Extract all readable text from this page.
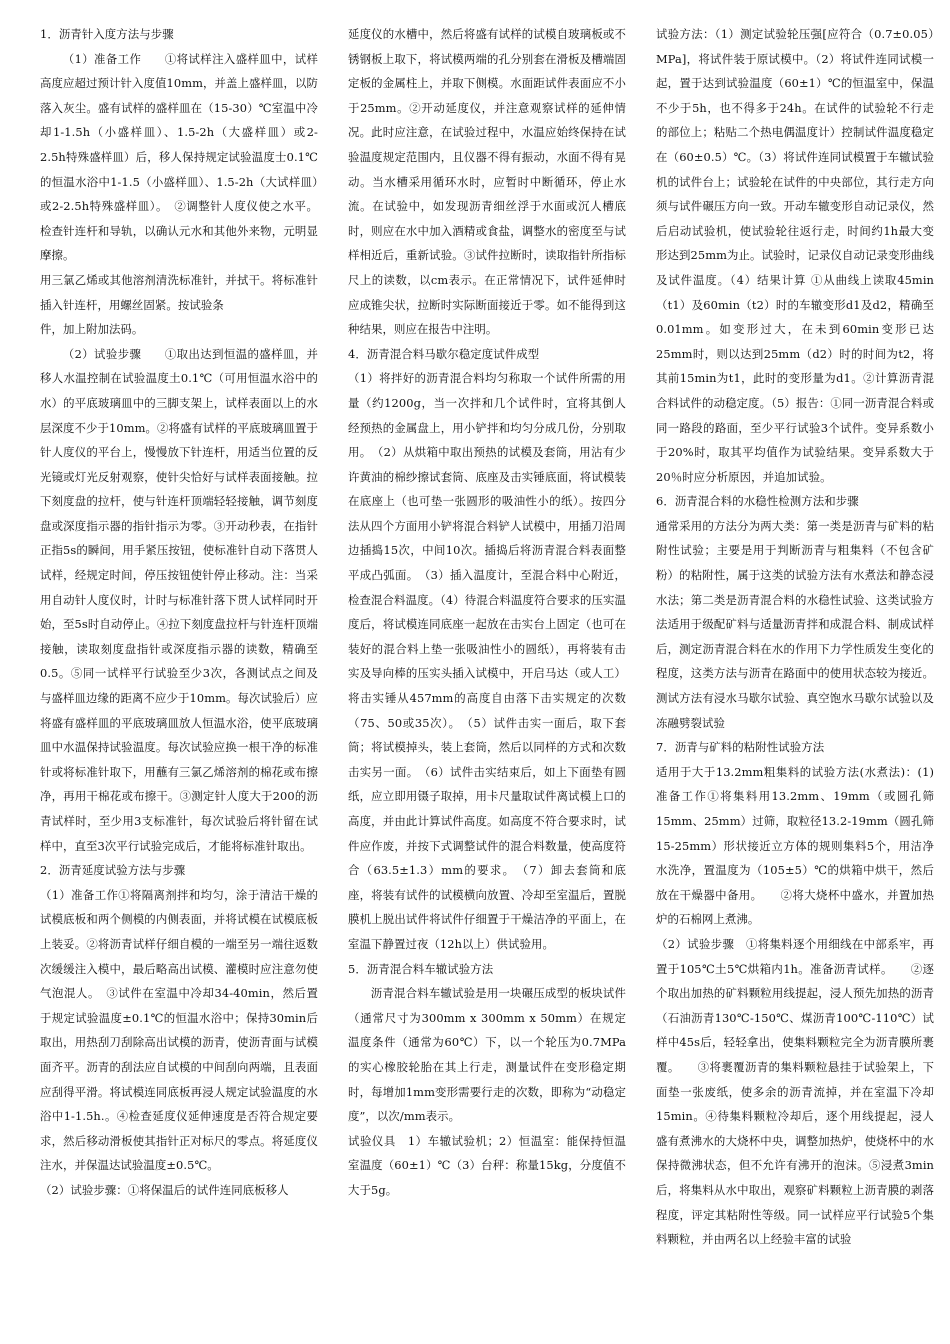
1．沥青针入度方法与步骤

（1）准备工作　　①将试样注入盛样皿中，试样高度应超过预计针入度值10mm，并盖上盛样皿，以防落入灰尘。盛有试样的盛样皿在（15-30）℃室温中冷却1-1.5h（小盛样皿）、1.5-2h（大盛样皿）或2-2.5h特殊盛样皿）后，移人保持规定试验温度士0.1℃的恒温水浴中1-1.5（小盛样皿）、1.5-2h（大试样皿）或2-2.5h特殊盛样皿）。　②调整针人度仪使之水平。检查针连杆和导轨，以确认元水和其他外来物，元明显摩擦。

用三氯乙烯或其他溶剂清洗标准针，并拭干。将标准针插入针连杆，用螺丝固紧。按试验条

件，加上附加法码。

（2）试验步骤　　①取出达到恒温的盛样皿，并移人水温控制在试验温度土0.1℃（可用恒温水浴中的水）的平底玻璃皿中的三脚支架上，试样表面以上的水层深度不少于10mm。②将盛有试样的平底玻璃皿置于针人度仪的平台上，慢慢放下针连杆，用适当位置的反光镜或灯光反射观察，使针尖恰好与试样表面接触。拉下刻度盘的拉杆，使与针连杆顶端轻轻接触，调节刻度盘或深度指示器的指针指示为零。③开动秒表，在指针正指5s的瞬间，用手紧压按钮，使标准针自动下落贯人试样，经规定时间，停压按钮使针停止移动。注：当采用自动针人度仪时，计时与标准针落下贯人试样同时开始，至5s时自动停止。④拉下刻度盘拉杆与针连杆顶端接触，读取刻度盘指针或深度指示器的读数，精确至0.5。⑤同一试样平行试验至少3次，各测试点之间及与盛样皿边缘的距离不应少于10mm。每次试验后）应将盛有盛样皿的平底玻璃皿放人恒温水浴，使平底玻璃皿中水温保持试验温度。每次试验应换一根干净的标准针或将标准针取下，用蘸有三氯乙烯溶剂的棉花或布擦净，再用干棉花或布擦干。③测定针人度大于200的沥青试样时，至少用3支标准针，每次试验后将针留在试样中，直至3次平行试验完成后，才能将标准针取出。

2．沥青延度试验方法与步骤

（1）准备工作①将隔离剂拌和均匀，涂于清洁干燥的试模底板和两个侧模的内侧表面，并将试模在试模底板上装妥。②将沥青试样仔细自模的一端至另一端往返数次缓缓注入模中，最后略高出试模、灌模时应注意勿使气泡混人。　③试件在室温中冷却34-40min，然后置于规定试验温度±0.1℃的恒温水浴中；保持30min后取出，用热刮刀刮除高出试模的沥青，使沥青面与试模面齐平。沥青的刮法应自试模的中间刮向两端，且表面应刮得平滑。将试模连同底板再浸人规定试验温度的水浴中1-1.5h.。④检查延度仪延伸速度是否符合规定要求，然后移动滑板使其指针正对标尺的零点。将延度仪注水，并保温达试验温度±0.5℃。

（2）试验步骤：①将保温后的试件连同底板移人

延度仪的水槽中，然后将盛有试样的试模自玻璃板或不锈钢板上取下，将试模两端的孔分别套在滑板及槽端固定板的金属柱上，并取下侧模。水面距试件表面应不小于25mm。②开动延度仪，并注意观察试样的延伸情况。此时应注意，在试验过程中，水温应始终保持在试验温度规定范围内，且仪器不得有振动，水面不得有晃动。当水槽采用循环水时，应暂时中断循环，停止水流。在试验中，如发现沥青细丝浮于水面或沉人槽底时，则应在水中加入酒精或食盐，调整水的密度至与试样相近后，重新试验。③试件拉断时，读取指针所指标尺上的读数，以cm表示。在正常情况下，试件延伸时应成锥尖状，拉断时实际断面接近于零。如不能得到这种结果，则应在报告中注明。

4．沥青混合料马歇尔稳定度试件成型

（1）将拌好的沥青混合料均匀称取一个试件所需的用量（约1200g，当一次拌和几个试件时，宜将其倒人经预热的金属盘上，用小铲拌和均匀分成几份，分别取用。　（2）从烘箱中取出预热的试模及套筒，用沾有少许黄油的棉纱擦试套筒、底座及击实锤底面，将试模装在底座上（也可垫一张圆形的吸油性小的纸）。按四分法从四个方面用小铲将混合料铲人试模中，用插刀沿周边插捣15次，中间10次。插捣后将沥青混合料表面整平成凸弧面。　（3）插入温度计，至混合料中心附近，检查混合料温度。（4）待混合料温度符合要求的压实温度后，将试模连同底座一起放在击实台上固定（也可在装好的混合料上垫一张吸油性小的圆纸），再将装有击实及导向棒的压实头插入试模中，开启马达（或人工）将击实锤从457mm的高度自由落下击实规定的次数（75、50或35次）。　（5）试件击实一面后，取下套筒；将试模掉头，装上套筒，然后以同样的方式和次数击实另一面。　（6）试件击实结束后，如上下面垫有圆纸，应立即用镊子取掉，用卡尺量取试件离试模上口的高度，并由此计算试件高度。如高度不符合要求时，试件应作废，并按下式调整试件的混合料数量，使高度符合（63.5±1.3）mm的要求。　（7）卸去套筒和底座，将装有试件的试模横向放置、冷却至室温后，置脱膜机上脱出试件将试件仔细置于干燥洁净的平面上，在室温下静置过夜（12h以上）供试验用。

5．沥青混合料车辙试验方法

沥青混合料车辙试验是用一块碾压成型的板块试件（通常尺寸为300mm x 300mm x 50mm）在规定温度条件（通常为60℃）下，以一个轮压为0.7MPa的实心橡胶轮胎在其上行走，测量试件在变形稳定期时，每增加1mm变形需要行走的次数，即称为“动稳定度”，以次/mm表示。

试验仪具　1）车辙试验机；2）恒温室：能保持恒温室温度（60±1）℃（3）台秤：称量15kg，分度值不大于5g。

试验方法：（1）测定试验轮压强[应符合（0.7±0.05）MPa]，将试件装于原试模中。（2）将试件连同试模一起，置于达到试验温度（60±1）℃的恒温室中，保温不少于5h，也不得多于24h。在试件的试验轮不行走的部位上；粘贴二个热电偶温度计）控制试件温度稳定在（60±0.5）℃。（3）将试件连同试模置于车辙试验机的试件台上；试验轮在试件的中央部位，其行走方向须与试件碾压方向一致。开动车辙变形自动记录仪，然后启动试验机，使试验轮往返行走，时间约1h最大变形达到25mm为止。试验时，记录仪自动记录变形曲线及试件温度。（4）结果计算 ①从曲线上读取45min（t1）及60min（t2）时的车辙变形d1及d2，精确至0.01mm。如变形过大，在未到60min变形已达25mm时，则以达到25mm（d2）时的时间为t2，将其前15min为t1，此时的变形量为d1。②计算沥青混合料试件的动稳定度。（5）报告：①同一沥青混合料或同一路段的路面，至少平行试验3个试件。变异系数小于20%时，取其平均值作为试验结果。变异系数大于20％时应分析原因，并追加试验。

6．沥青混合料的水稳性检测方法和步骤

通常采用的方法分为两大类：第一类是沥青与矿料的粘附性试验；主要是用于判断沥青与粗集料（不包含矿粉）的粘附性，属于这类的试验方法有水煮法和静态浸水法；第二类是沥青混合料的水稳性试验、这类试验方法适用于级配矿料与适量沥青拌和成混合料、制成试样后，测定沥青混合料在水的作用下力学性质发生变化的程度，这类方法与沥青在路面中的使用状态较为接近。测试方法有浸水马歇尔试验、真空饱水马歇尔试验以及冻融劈裂试验

7．沥青与矿料的粘附性试验方法

适用于大于13.2mm粗集料的试验方法(水煮法)：(1)准备工作①将集料用13.2mm、19mm（或圆孔筛15mm、25mm）过筛，取粒径13.2-19mm（圆孔筛15-25mm）形状接近立方体的规则集料5个，用洁净水洗净，置温度为（105±5）℃的烘箱中烘干，然后放在干燥器中备用。　　②将大烧杯中盛水，并置加热炉的石棉网上煮沸。

（2）试验步骤　①将集料逐个用细线在中部系牢，再置于105℃土5℃烘箱内1h。准备沥青试样。　　②逐个取出加热的矿料颗粒用线提起，浸人预先加热的沥青（石油沥青130℃-150℃、煤沥青100℃-110℃）试样中45s后，轻轻拿出，使集料颗粒完全为沥青膜所裹覆。　　③将裹覆沥青的集料颗粒悬挂于试验架上，下面垫一张废纸，使多余的沥青流掉，并在室温下冷却15min。④待集料颗粒冷却后，逐个用线提起，浸人盛有煮沸水的大烧杯中央，调整加热炉，使烧杯中的水保持微沸状态，但不允许有沸开的泡沫。⑤浸煮3min后，将集料从水中取出，观察矿料颗粒上沥青膜的剥落程度，评定其粘附性等级。同一试样应平行试验5个集料颗粒，并由两名以上经验丰富的试验
